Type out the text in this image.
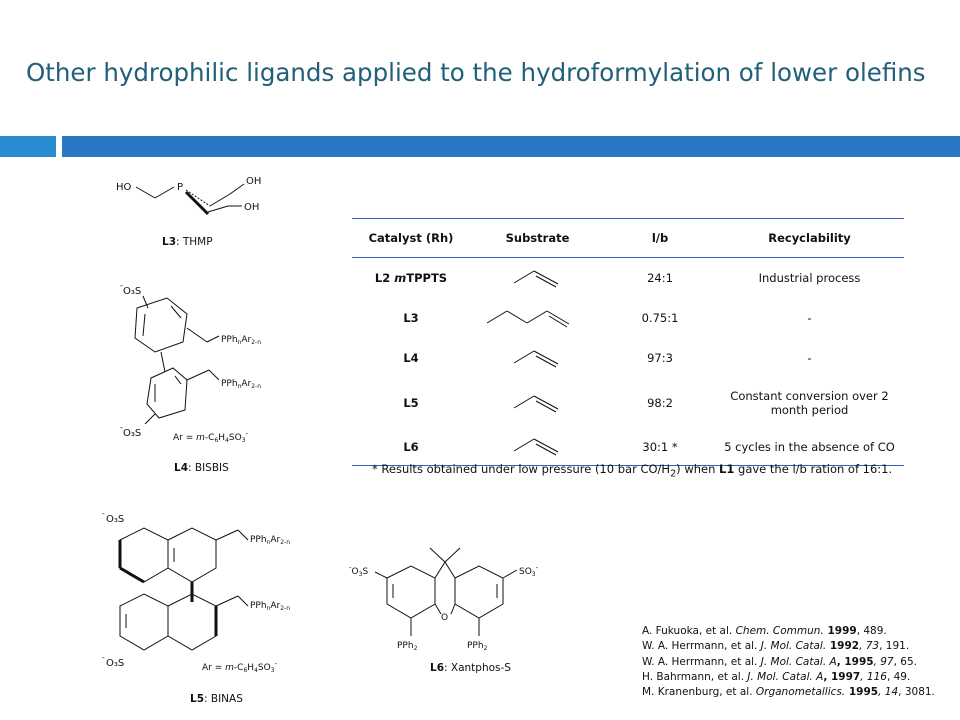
Other hydrophilic ligands applied to the hydroformylation of lower olefins
HO	P
OH
OH
L3: THMP
-
O₃S
$PPh_nAr_{2-n}$
$PPh_nAr_{2-n}$
-
O₃S	$Ar = m-C_6H_4SO_3^-$
L4: BISBIS
-
O₃S
$PPh_nAr_{2-n}$
$PPh_nAr_{2-n}$
-
O₃S	$Ar = m-C_6H_4SO_3^-$
L5: BINAS
$^-O_3S$
O
$SO_3^-$
PPh$_2$	PPh$_2$
L6: Xantphos-S
Catalyst (Rh)	Substrate	l/b	Recyclability
L2 mTPPTS		24:1	Industrial process
L3		0.75:1	-
L4		97:3	-
L5		98:2	Constant conversion over 2 month period
L6		30:1 *	5 cycles in the absence of CO
* Results obtained under low pressure (10 bar $CO/H_2$) when L1 gave the l/b ration of 16:1.
A. Fukuoka, et al. Chem. Commun. 1999, 489.
W. A. Herrmann, et al. J. Mol. Catal. 1992, 73, 191.
W. A. Herrmann, et al. J. Mol. Catal. A, 1995, 97, 65.
H. Bahrmann, et al. J. Mol. Catal. A, 1997, 116, 49.
M. Kranenburg, et al. Organometallics. 1995, 14, 3081.
